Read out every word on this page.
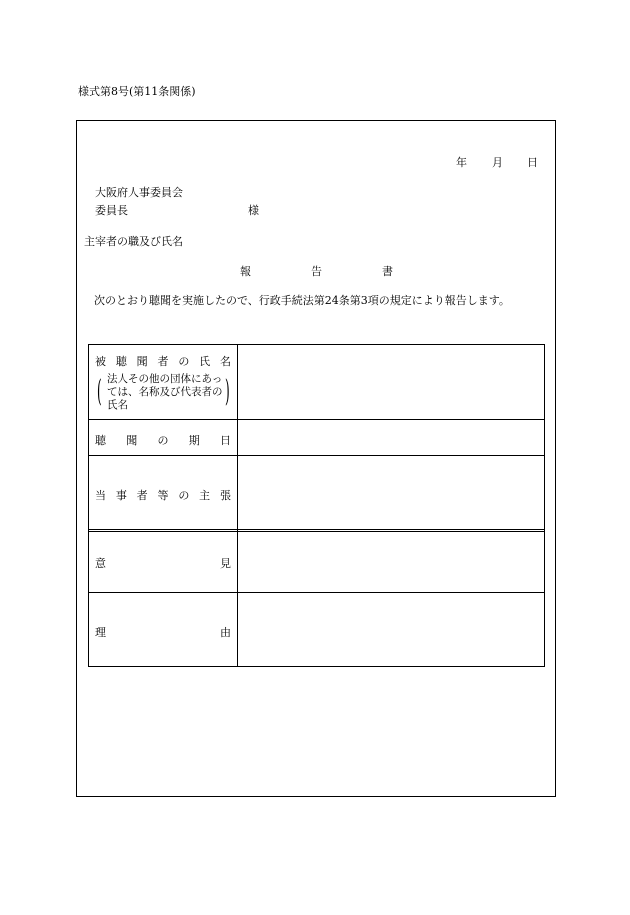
様式第8号(第11条関係)
年 月 日
大阪府人事委員会
委員長	様
主宰者の職及び氏名
報	告	書
次のとおり聴聞を実施したので、行政手続法第24条第3項の規定により報告します。
被 聴 聞 者 の 氏 名
( 法人その他の団体にあっては、名称及び代表者の氏名	)
聴 聞 の 期 日
当 事 者 等 の 主 張
意	見
理	由
